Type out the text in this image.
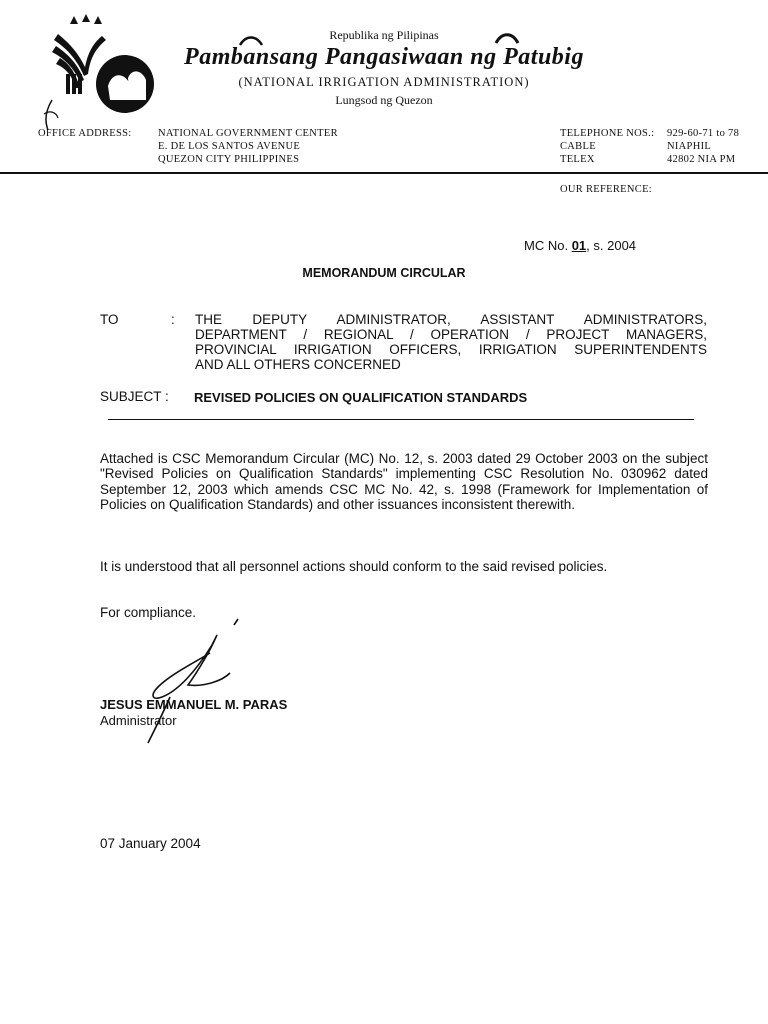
Republika ng Pilipinas
Pambansang Pangasiwaan ng Patubig
(NATIONAL IRRIGATION ADMINISTRATION)
Lungsod ng Quezon
OFFICE ADDRESS:	NATIONAL GOVERNMENT CENTER
E. DE LOS SANTOS AVENUE
QUEZON CITY PHILIPPINES
TELEPHONE NOS.: 929-60-71 to 78
CABLE	NIAPHIL
TELEX	42802 NIA PM
OUR REFERENCE:
MC No. 01, s. 2004
MEMORANDUM CIRCULAR
TO	: THE DEPUTY ADMINISTRATOR, ASSISTANT ADMINISTRATORS,
DEPARTMENT / REGIONAL / OPERATION / PROJECT MANAGERS,
PROVINCIAL IRRIGATION OFFICERS, IRRIGATION SUPERINTENDENTS
AND ALL OTHERS CONCERNED
SUBJECT : REVISED POLICIES ON QUALIFICATION STANDARDS
Attached is CSC Memorandum Circular (MC) No. 12, s. 2003 dated 29 October 2003 on the subject "Revised Policies on Qualification Standards" implementing CSC Resolution No. 030962 dated September 12, 2003 which amends CSC MC No. 42, s. 1998 (Framework for Implementation of Policies on Qualification Standards) and other issuances inconsistent therewith.
It is understood that all personnel actions should conform to the said revised policies.
For compliance.
JESUS EMMANUEL M. PARAS
Administrator
07 January 2004
